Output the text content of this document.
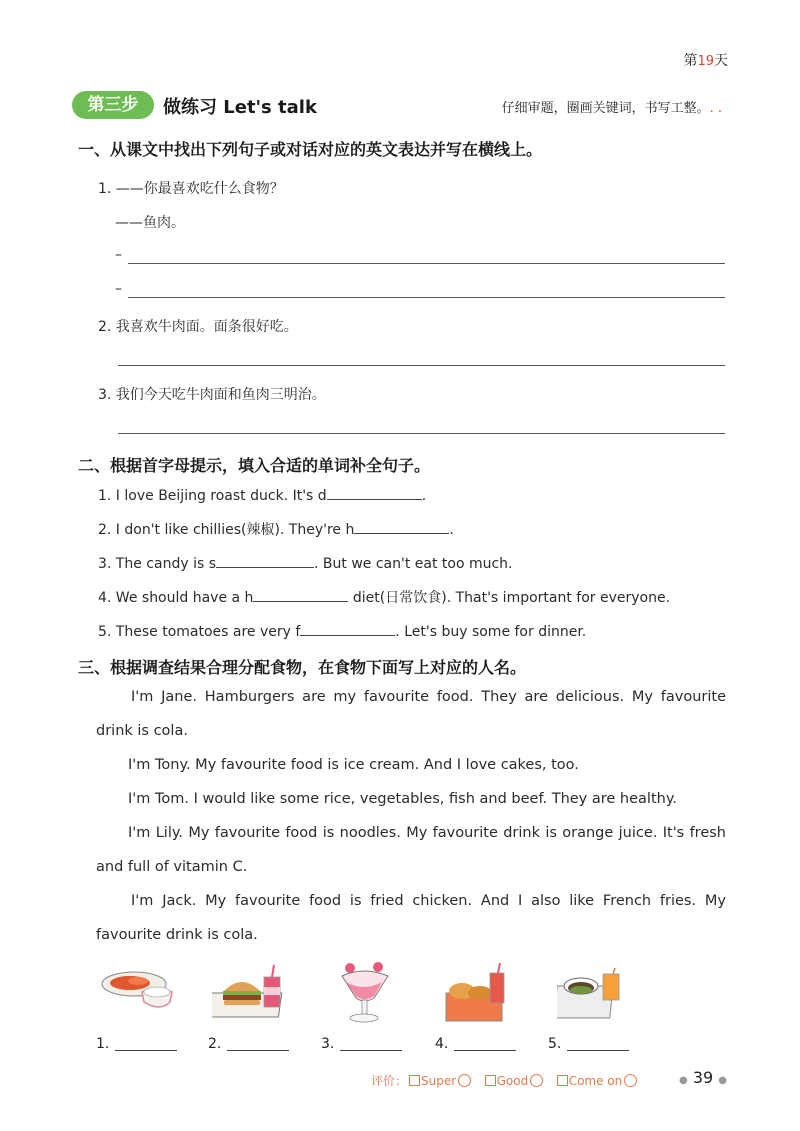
第19天
第三步	做练习 Let's talk	仔细审题，圈画关键词，书写工整。. .
一、从课文中找出下列句子或对话对应的英文表达并写在横线上。
1. ——你最喜欢吃什么食物？
——鱼肉。
–
–
2. 我喜欢牛肉面。面条很好吃。
3. 我们今天吃牛肉面和鱼肉三明治。
二、根据首字母提示，填入合适的单词补全句子。
1. I love Beijing roast duck. It's d	.
2. I don't like chillies(辣椒). They're h	.
3. The candy is s	. But we can't eat too much.
4. We should have a h	diet(日常饮食). That's important for everyone.
5. These tomatoes are very f	. Let's buy some for dinner.
三、根据调查结果合理分配食物，在食物下面写上对应的人名。
I'm Jane. Hamburgers are my favourite food. They are delicious. My favourite drink is cola.
I'm Tony. My favourite food is ice cream. And I love cakes, too.
I'm Tom. I would like some rice, vegetables, fish and beef. They are healthy.
I'm Lily. My favourite food is noodles. My favourite drink is orange juice. It's fresh and full of vitamin C.
I'm Jack. My favourite food is fried chicken. And I also like French fries. My favourite drink is cola.
1.	2.	3.	4.	5.
评价： Super	Good	Come on	● 39 ●
